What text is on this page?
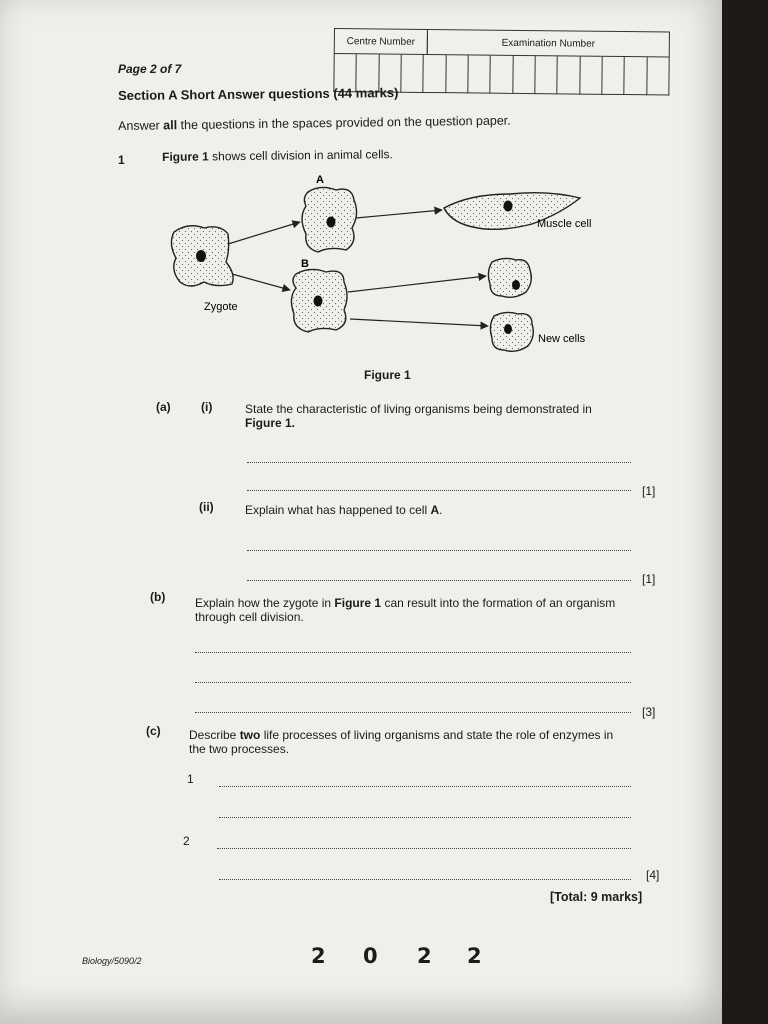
Page 2 of 7
Centre Number	Examination Number
Section A Short Answer questions (44 marks)
Answer all the questions in the spaces provided on the question paper.
1	Figure 1 shows cell division in animal cells.
A
B
Zygote
Muscle cell
New cells
Figure 1
(a)	(i)	State the characteristic of living organisms being demonstrated in
Figure 1.
[1]
(ii)	Explain what has happened to cell A.
[1]
(b) Explain how the zygote in Figure 1 can result into the formation of an organism through cell division.
[3]
(c) Describe two life processes of living organisms and state the role of enzymes in the two processes.
1
2
[4]
[Total: 9 marks]
Biology/5090/2	2 0 2 2
